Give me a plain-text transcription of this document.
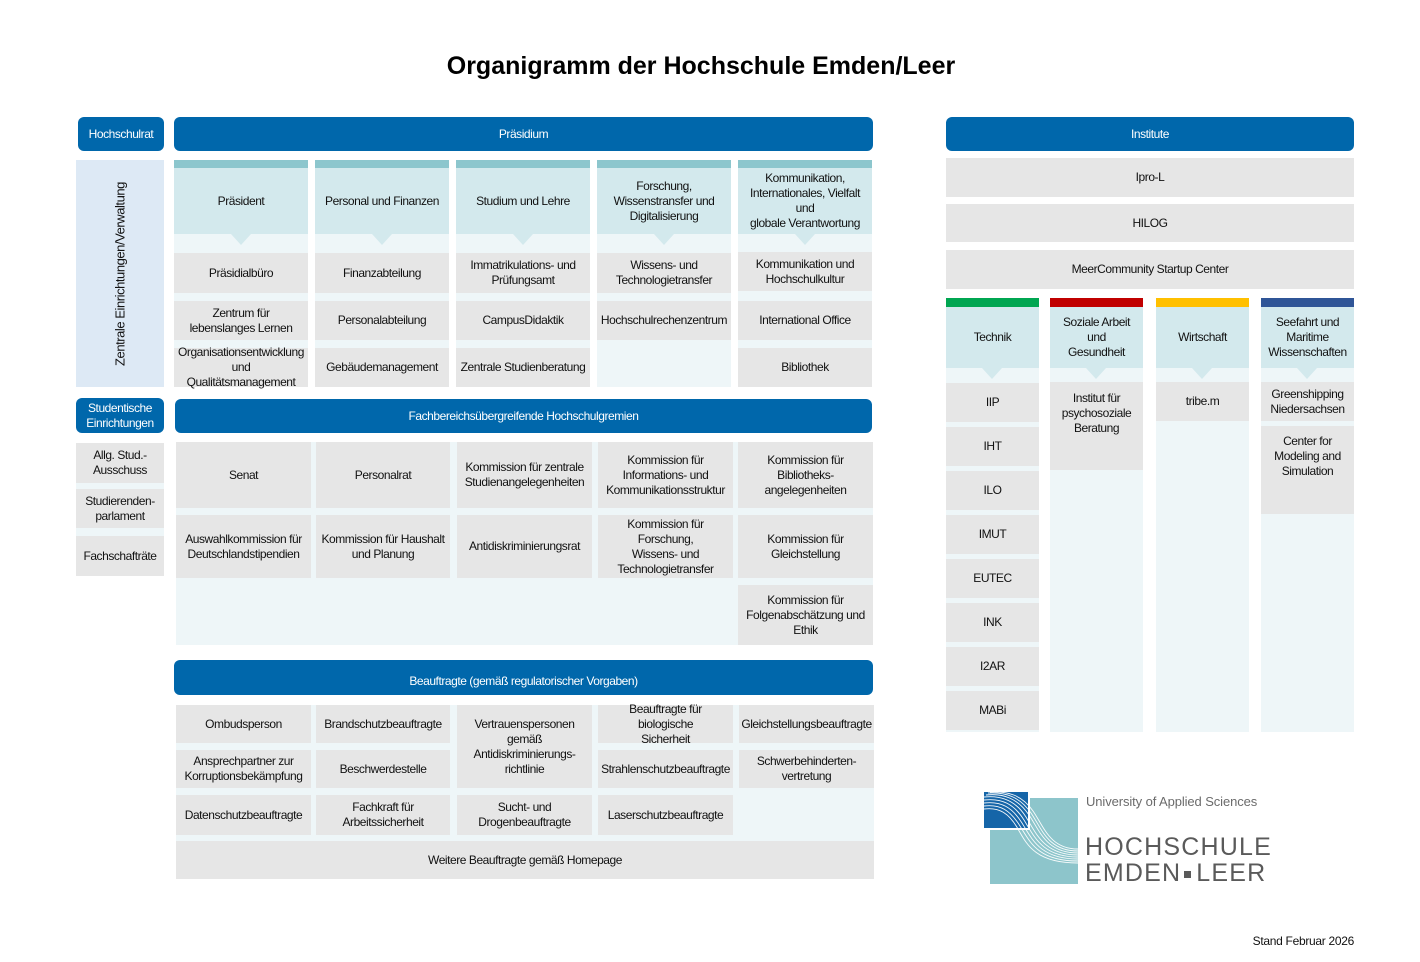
Organigramm der Hochschule Emden/Leer
Hochschulrat
Zentrale Einrichtungen/Verwaltung
Präsidium
Präsident
Präsidialbüro
Zentrum für
lebenslanges Lernen
Organisationsentwicklung
und Qualitätsmanagement
Personal und Finanzen
Finanzabteilung
Personalabteilung
Gebäudemanagement
Studium und Lehre
Immatrikulations- und
Prüfungsamt
CampusDidaktik
Zentrale Studienberatung
Forschung,
Wissenstransfer und
Digitalisierung
Wissens- und
Technologietransfer
Hochschulrechenzentrum
Kommunikation,
Internationales, Vielfalt und
globale Verantwortung
Kommunikation und
Hochschulkultur
International Office
Bibliothek
Studentische
Einrichtungen
Allg. Stud.-
Ausschuss
Studierenden-
parlament
Fachschafträte
Fachbereichsübergreifende Hochschulgremien
Senat	Personalrat
Kommission für zentrale
Studienangelegenheiten
Kommission für
Informations- und
Kommunikationsstruktur
Kommission für
Bibliotheks-
angelegenheiten
Auswahlkommission für
Deutschlandstipendien
Kommission für Haushalt
und Planung
Antidiskriminierungsrat
Kommission für Forschung,
Wissens- und
Technologietransfer
Kommission für
Gleichstellung
Kommission für
Folgenabschätzung und
Ethik
Beauftragte (gemäß regulatorischer Vorgaben)
Ombudsperson
Ansprechpartner zur
Korruptionsbekämpfung
Datenschutzbeauftragte
Brandschutzbeauftragte
Beschwerdestelle
Fachkraft für
Arbeitssicherheit
Vertrauenspersonen
gemäß
Antidiskriminierungs-
richtlinie
Sucht- und
Drogenbeauftragte
Beauftragte für biologische
Sicherheit
Strahlenschutzbeauftragte
Laserschutzbeauftragte
Gleichstellungsbeauftragte
Schwerbehinderten-
vertretung
Weitere Beauftragte gemäß Homepage
Institute
Ipro-L
HILOG
MeerCommunity Startup Center
Technik
IIP
IHT
ILO
IMUT
EUTEC
INK
I2AR
MABi
Soziale Arbeit und
Gesundheit
Institut für
psychosoziale
Beratung
Wirtschaft
tribe.m
Seefahrt und
Maritime
Wissenschaften
Greenshipping
Niedersachsen
Center for
Modeling and
Simulation
University of Applied Sciences
HOCHSCHULE
EMDEN LEER
Stand Februar 2026
